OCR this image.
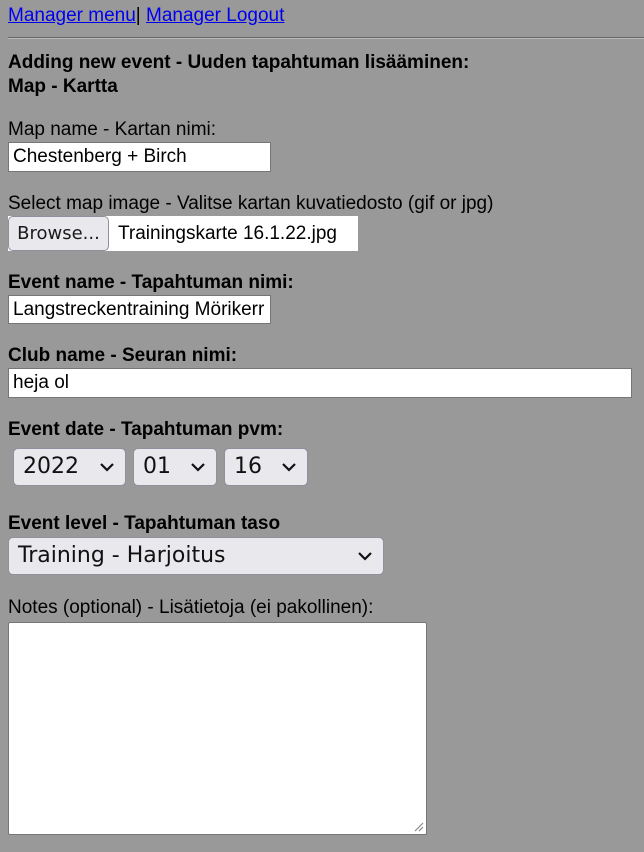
Manager menu| Manager Logout
Adding new event - Uuden tapahtuman lisääminen:
Map - Kartta
Map name - Kartan nimi:
Chestenberg + Birch
Select map image - Valitse kartan kuvatiedosto (gif or jpg)
Browse... Trainingskarte 16.1.22.jpg
Event name - Tapahtuman nimi:
Langstreckentraining Mörikerr
Club name - Seuran nimi:
heja ol
Event date - Tapahtuman pvm:
2022	01	16
Event level - Tapahtuman taso
Training - Harjoitus
Notes (optional) - Lisätietoja (ei pakollinen):
